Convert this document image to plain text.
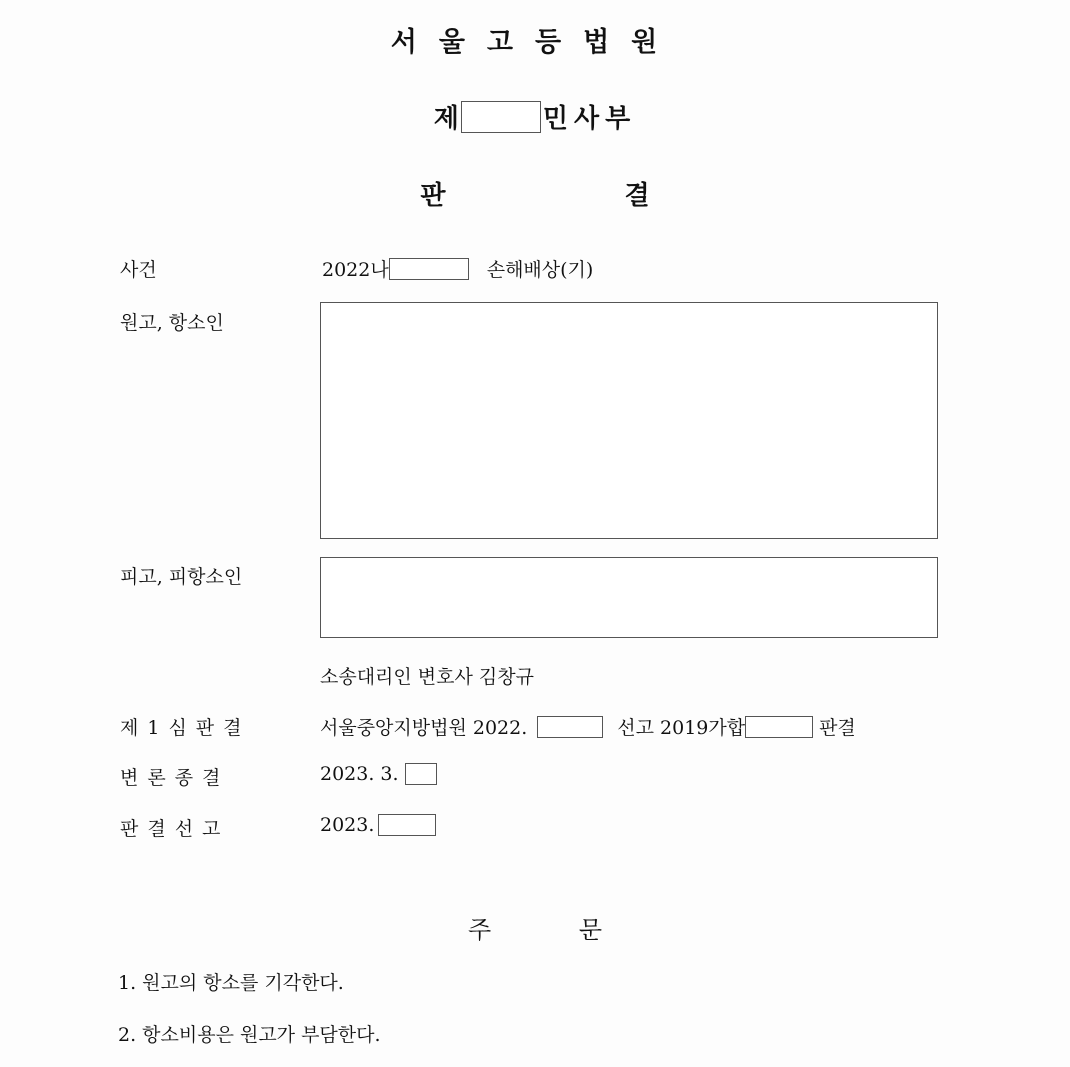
서울고등법원
제	민사부
판 결
사건	2022나	손해배상(기)
원고, 항소인
피고, 피항소인
소송대리인 변호사 김창규
제1심판결	서울중앙지방법원 2022.	선고 2019가합	판결
변론종결	2023. 3.
판결선고	2023.
주 문
1. 원고의 항소를 기각한다.
2. 항소비용은 원고가 부담한다.
